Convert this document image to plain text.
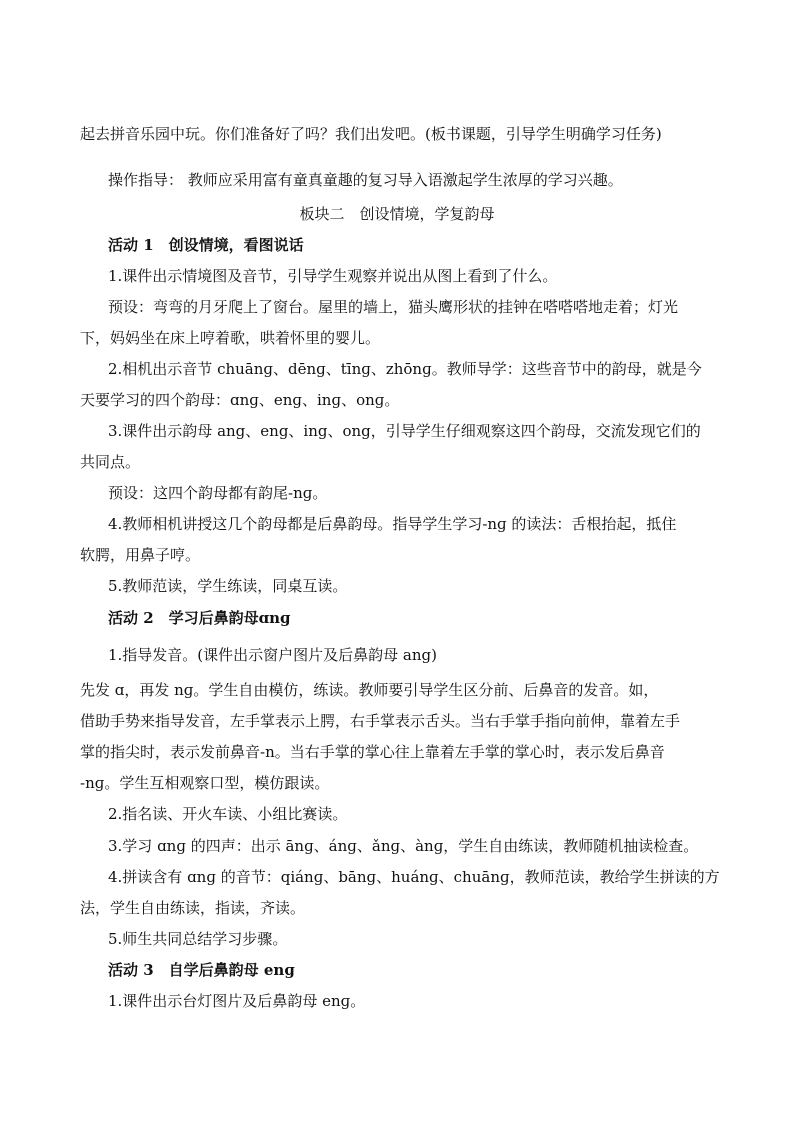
起去拼音乐园中玩。你们准备好了吗？我们出发吧。(板书课题，引导学生明确学习任务)
操作指导： 教师应采用富有童真童趣的复习导入语激起学生浓厚的学习兴趣。
板块二　创设情境，学复韵母
活动 1　创设情境，看图说话
1.课件出示情境图及音节，引导学生观察并说出从图上看到了什么。
预设：弯弯的月牙爬上了窗台。屋里的墙上，猫头鹰形状的挂钟在嗒嗒嗒地走着；灯光
下，妈妈坐在床上哼着歌，哄着怀里的婴儿。
2.相机出示音节 chuānɡ、dēnɡ、tīnɡ、zhōnɡ。教师导学：这些音节中的韵母，就是今
天要学习的四个韵母：ɑnɡ、enɡ、inɡ、onɡ。
3.课件出示韵母 ang、eng、ing、ong，引导学生仔细观察这四个韵母，交流发现它们的
共同点。
预设：这四个韵母都有韵尾-nɡ。
4.教师相机讲授这几个韵母都是后鼻韵母。指导学生学习-nɡ 的读法：舌根抬起，抵住
软腭，用鼻子哼。
5.教师范读，学生练读，同桌互读。
活动 2　学习后鼻韵母ɑnɡ
1.指导发音。(课件出示窗户图片及后鼻韵母 ang)
先发 ɑ，再发 nɡ。学生自由模仿，练读。教师要引导学生区分前、后鼻音的发音。如，
借助手势来指导发音，左手掌表示上腭，右手掌表示舌头。当右手掌手指向前伸，靠着左手
掌的指尖时，表示发前鼻音-n。当右手掌的掌心往上靠着左手掌的掌心时，表示发后鼻音
-nɡ。学生互相观察口型，模仿跟读。
2.指名读、开火车读、小组比赛读。
3.学习 ɑnɡ 的四声：出示 ānɡ、ánɡ、ǎnɡ、ànɡ，学生自由练读，教师随机抽读检查。
4.拼读含有 ɑnɡ 的音节：qiánɡ、bānɡ、huánɡ、chuānɡ，教师范读，教给学生拼读的方
法，学生自由练读，指读，齐读。
5.师生共同总结学习步骤。
活动 3　自学后鼻韵母 enɡ
1.课件出示台灯图片及后鼻韵母 enɡ。
